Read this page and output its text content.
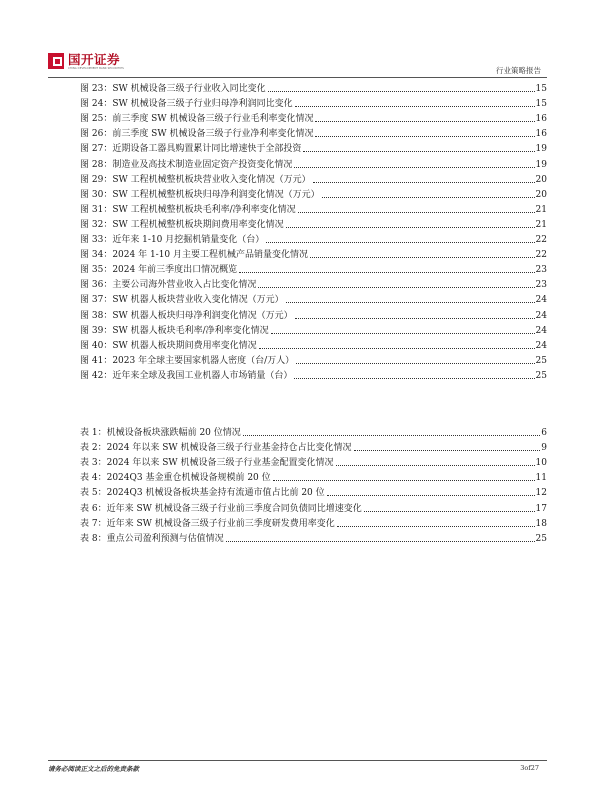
国开证券
CHINA DEVELOPMENT BANK SECURITIES	行业策略报告
图 23：SW 机械设备三级子行业收入同比变化	15
图 24：SW 机械设备三级子行业归母净利润同比变化	15
图 25：前三季度 SW 机械设备三级子行业毛利率变化情况	16
图 26：前三季度 SW 机械设备三级子行业净利率变化情况	16
图 27：近期设备工器具购置累计同比增速快于全部投资	19
图 28：制造业及高技术制造业固定资产投资变化情况	19
图 29：SW 工程机械整机板块营业收入变化情况（万元）	20
图 30：SW 工程机械整机板块归母净利润变化情况（万元）	20
图 31：SW 工程机械整机板块毛利率/净利率变化情况	21
图 32：SW 工程机械整机板块期间费用率变化情况	21
图 33：近年来 1-10 月挖掘机销量变化（台）	22
图 34：2024 年 1-10 月主要工程机械产品销量变化情况	22
图 35：2024 年前三季度出口情况概览	23
图 36：主要公司海外营业收入占比变化情况	23
图 37：SW 机器人板块营业收入变化情况（万元）	24
图 38：SW 机器人板块归母净利润变化情况（万元）	24
图 39：SW 机器人板块毛利率/净利率变化情况	24
图 40：SW 机器人板块期间费用率变化情况	24
图 41：2023 年全球主要国家机器人密度（台/万人）	25
图 42：近年来全球及我国工业机器人市场销量（台）	25
表 1：机械设备板块涨跌幅前 20 位情况	6
表 2：2024 年以来 SW 机械设备三级子行业基金持仓占比变化情况	9
表 3：2024 年以来 SW 机械设备三级子行业基金配置变化情况	10
表 4：2024Q3 基金重仓机械设备规模前 20 位	11
表 5：2024Q3 机械设备板块基金持有流通市值占比前 20 位	12
表 6：近年来 SW 机械设备三级子行业前三季度合同负债同比增速变化	17
表 7：近年来 SW 机械设备三级子行业前三季度研发费用率变化	18
表 8：重点公司盈利预测与估值情况	25
请务必阅读正文之后的免责条款	3of27
